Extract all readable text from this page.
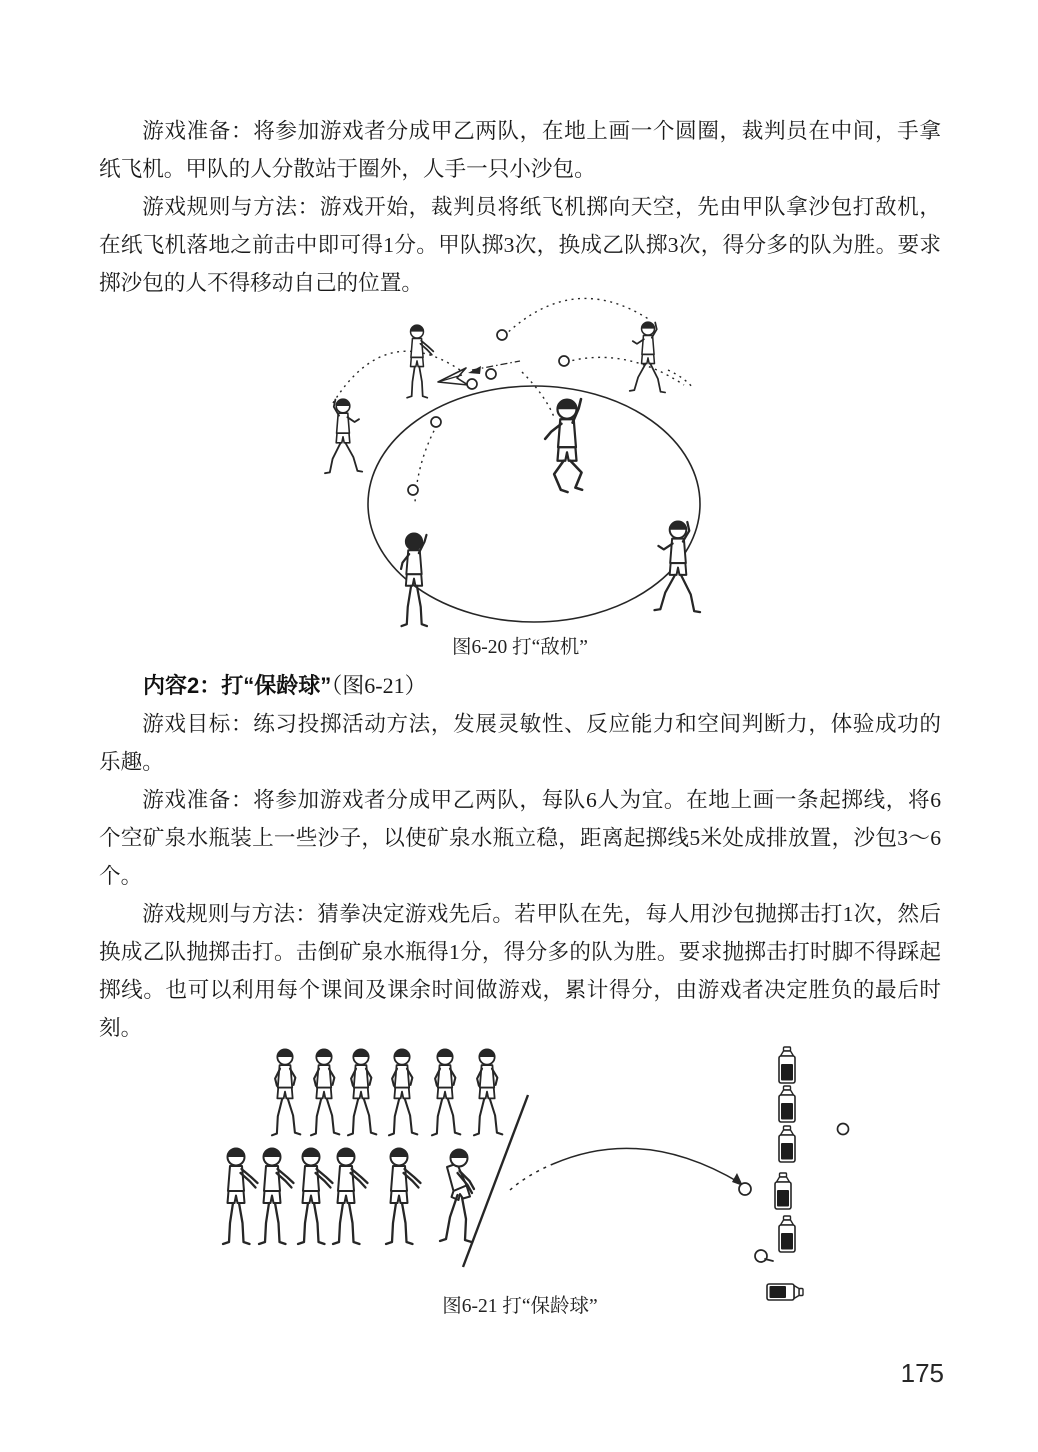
游戏准备：将参加游戏者分成甲乙两队，在地上画一个圆圈，裁判员在中间，手拿纸飞机。甲队的人分散站于圈外，人手一只小沙包。

游戏规则与方法：游戏开始，裁判员将纸飞机掷向天空，先由甲队拿沙包打敌机，在纸飞机落地之前击中即可得1分。甲队掷3次，换成乙队掷3次，得分多的队为胜。要求掷沙包的人不得移动自己的位置。

图6-20 打“敌机”
内容2：打“保龄球”（图6-21）

游戏目标：练习投掷活动方法，发展灵敏性、反应能力和空间判断力，体验成功的乐趣。

游戏准备：将参加游戏者分成甲乙两队，每队6人为宜。在地上画一条起掷线，将6个空矿泉水瓶装上一些沙子，以使矿泉水瓶立稳，距离起掷线5米处成排放置，沙包3～6个。

游戏规则与方法：猜拳决定游戏先后。若甲队在先，每人用沙包抛掷击打1次，然后换成乙队抛掷击打。击倒矿泉水瓶得1分，得分多的队为胜。要求抛掷击打时脚不得踩起掷线。也可以利用每个课间及课余时间做游戏，累计得分，由游戏者决定胜负的最后时刻。

图6-21 打“保龄球”
175
